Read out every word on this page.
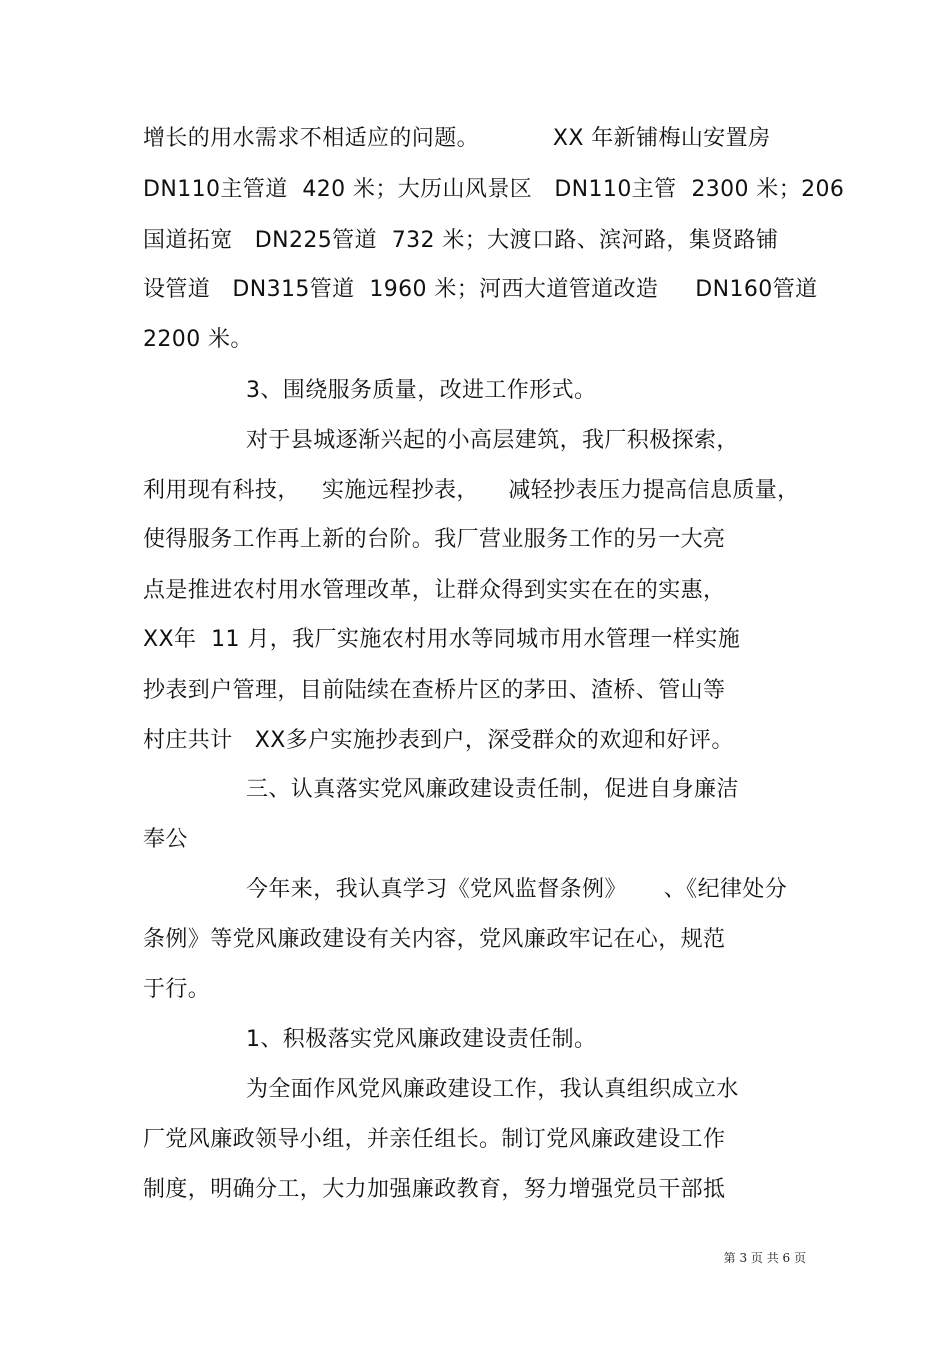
增长的用水需求不相适应的问题。          XX 年新铺梅山安置房
DN110主管道  420 米；大历山风景区   DN110主管  2300 米；206
国道拓宽   DN225管道  732 米；大渡口路、滨河路，集贤路铺
设管道   DN315管道  1960 米；河西大道管道改造     DN160管道
2200 米。
3、围绕服务质量，改进工作形式。
对于县城逐渐兴起的小高层建筑，我厂积极探索，
利用现有科技，   实施远程抄表，    减轻抄表压力提高信息质量，
使得服务工作再上新的台阶。我厂营业服务工作的另一大亮
点是推进农村用水管理改革，让群众得到实实在在的实惠，
XX年  11 月，我厂实施农村用水等同城市用水管理一样实施
抄表到户管理，目前陆续在查桥片区的茅田、渣桥、管山等
村庄共计   XX多户实施抄表到户，深受群众的欢迎和好评。
三、认真落实党风廉政建设责任制，促进自身廉洁
奉公
今年来，我认真学习《党风监督条例》     、《纪律处分
条例》等党风廉政建设有关内容，党风廉政牢记在心，规范
于行。
1、积极落实党风廉政建设责任制。
为全面作风党风廉政建设工作，我认真组织成立水
厂党风廉政领导小组，并亲任组长。制订党风廉政建设工作
制度，明确分工，大力加强廉政教育，努力增强党员干部抵
第 3 页 共 6 页
